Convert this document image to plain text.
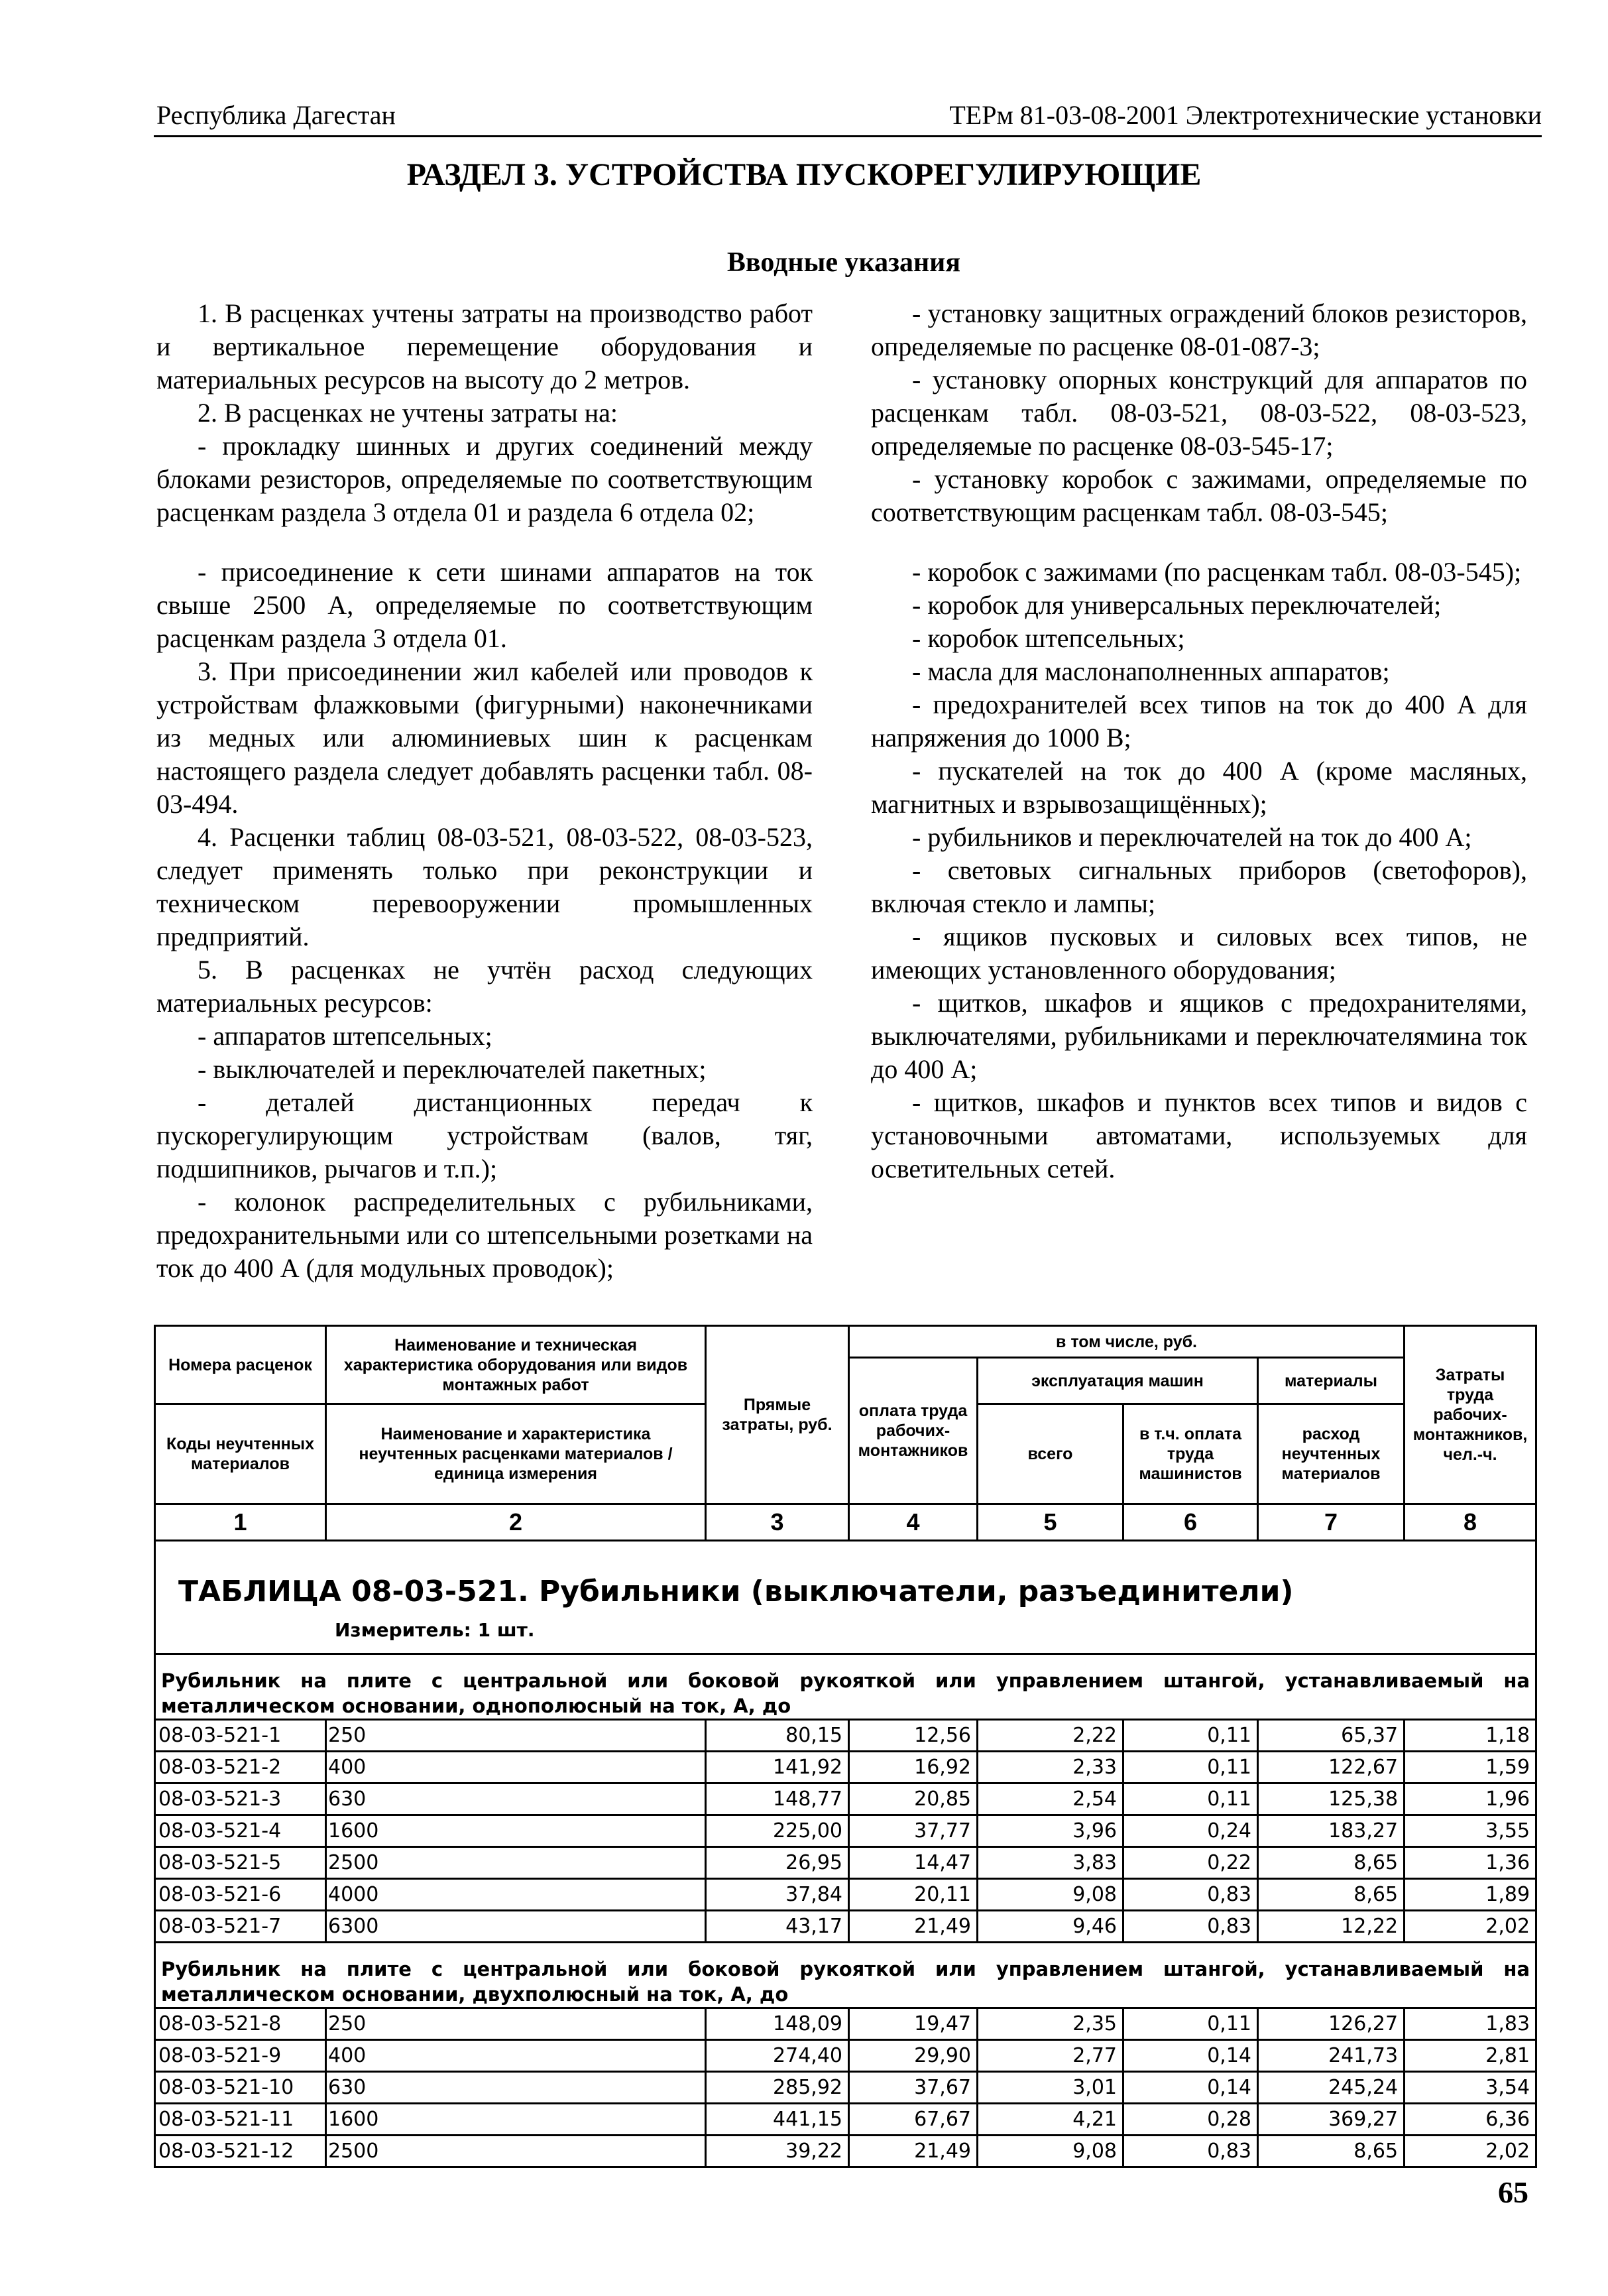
Республика Дагестан	ТЕРм 81-03-08-2001 Электротехнические установки
РАЗДЕЛ 3. УСТРОЙСТВА ПУСКОРЕГУЛИРУЮЩИЕ
Вводные указания

1. В расценках учтены затраты на производство работ и вертикальное перемещение оборудования и материальных ресурсов на высоту до 2 метров.

2. В расценках не учтены затраты на:

- прокладку шинных и других соединений между блоками резисторов, определяемые по соответствующим расценкам раздела 3 отдела 01 и раздела 6 отдела 02;

- установку защитных ограждений блоков резисторов, определяемые по расценке 08-01-087-3;

- установку опорных конструкций для аппаратов по расценкам табл. 08-03-521, 08-03-522, 08-03-523, определяемые по расценке 08-03-545-17;

- установку коробок с зажимами, определяемые по соответствующим расценкам табл. 08-03-545;

- присоединение к сети шинами аппаратов на ток свыше 2500 А, определяемые по соответствующим расценкам раздела 3 отдела 01.

3. При присоединении жил кабелей или проводов к устройствам флажковыми (фигурными) наконечниками из медных или алюминиевых шин к расценкам настоящего раздела следует добавлять расценки табл. 08-03-494.

4. Расценки таблиц 08-03-521, 08-03-522, 08-03-523, следует применять только при реконструкции и техническом перевооружении промышленных предприятий.

5. В расценках не учтён расход следующих материальных ресурсов:

- аппаратов штепсельных;

- выключателей и переключателей пакетных;

- деталей дистанционных передач к пускорегулирующим устройствам (валов, тяг, подшипников, рычагов и т.п.);

- колонок распределительных с рубильниками, предохранительными или со штепсельными розетками на ток до 400 А (для модульных проводок);

- коробок с зажимами (по расценкам табл. 08-03-545);

- коробок для универсальных переключателей;

- коробок штепсельных;

- масла для маслонаполненных аппаратов;

- предохранителей всех типов на ток до 400 А для напряжения до 1000 В;

- пускателей на ток до 400 А (кроме масляных, магнитных и взрывозащищённых);

- рубильников и переключателей на ток до 400 А;

- световых сигнальных приборов (светофоров), включая стекло и лампы;

- ящиков пусковых и силовых всех типов, не имеющих установленного оборудования;

- щитков, шкафов и ящиков с предохранителями, выключателями, рубильниками и переключателямина ток до 400 А;

- щитков, шкафов и пунктов всех типов и видов с установочными автоматами, используемых для осветительных сетей.

Номера расценок	Наименование и техническая характеристика оборудования или видов монтажных работ	Прямые затраты, руб.	в том числе, руб.				Затраты труда рабочих-монтажников, чел.-ч.
			оплата труда рабочих-монтажников	эксплуатация машин		материалы	
Коды неучтенных материалов	Наименование и характеристика неучтенных расценками материалов / единица измерения			всего	в т.ч. оплата труда машинистов	расход неучтенных материалов	
1	2	3	4	5	6	7	8

ТАБЛИЦА 08-03-521. Рубильники (выключатели, разъединители)
Измеритель: 1 шт.							

Рубильник на плите с центральной или боковой рукояткой или управлением штангой, устанавливаемый на металлическом основании, однополюсный на ток, А, до							
08-03-521-1	250	80,15	12,56	2,22	0,11	65,37	1,18
08-03-521-2	400	141,92	16,92	2,33	0,11	122,67	1,59
08-03-521-3	630	148,77	20,85	2,54	0,11	125,38	1,96
08-03-521-4	1600	225,00	37,77	3,96	0,24	183,27	3,55
08-03-521-5	2500	26,95	14,47	3,83	0,22	8,65	1,36
08-03-521-6	4000	37,84	20,11	9,08	0,83	8,65	1,89
08-03-521-7	6300	43,17	21,49	9,46	0,83	12,22	2,02
Рубильник на плите с центральной или боковой рукояткой или управлением штангой, устанавливаемый на металлическом основании, двухполюсный на ток, А, до							
08-03-521-8	250	148,09	19,47	2,35	0,11	126,27	1,83
08-03-521-9	400	274,40	29,90	2,77	0,14	241,73	2,81
08-03-521-10	630	285,92	37,67	3,01	0,14	245,24	3,54
08-03-521-11	1600	441,15	67,67	4,21	0,28	369,27	6,36
08-03-521-12	2500	39,22	21,49	9,08	0,83	8,65	2,02
65
